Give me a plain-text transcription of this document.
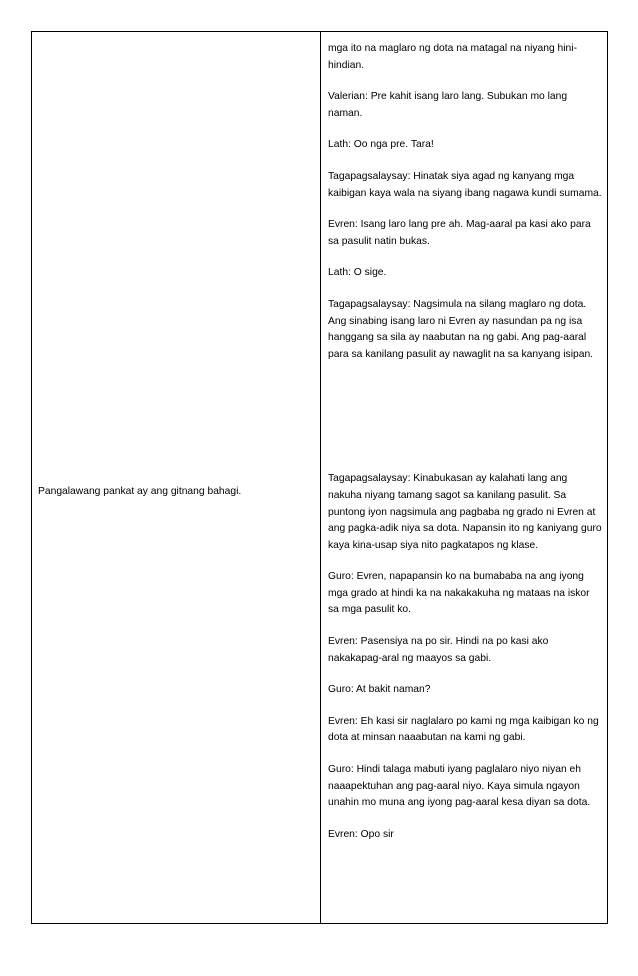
Pangalawang pankat ay ang gitnang bahagi.
mga ito na maglaro ng dota na matagal na niyang hini-hindian.
Valerian: Pre kahit isang laro lang. Subukan mo lang naman.
Lath: Oo nga pre. Tara!
Tagapagsalaysay: Hinatak siya agad ng kanyang mga kaibigan kaya wala na siyang ibang nagawa kundi sumama.
Evren: Isang laro lang pre ah. Mag-aaral pa kasi ako para sa pasulit natin bukas.
Lath: O sige.
Tagapagsalaysay: Nagsimula na silang maglaro ng dota. Ang sinabing isang laro ni Evren ay nasundan pa ng isa hanggang sa sila ay naabutan na ng gabi. Ang pag-aaral para sa kanilang pasulit ay nawaglit na sa kanyang isipan.
Tagapagsalaysay: Kinabukasan ay kalahati lang ang nakuha niyang tamang sagot sa kanilang pasulit. Sa puntong iyon nagsimula ang pagbaba ng grado ni Evren at ang pagka-adik niya sa dota. Napansin ito ng kaniyang guro kaya kina-usap siya nito pagkatapos ng klase.
Guro: Evren, napapansin ko na bumababa na ang iyong mga grado at hindi ka na nakakakuha ng mataas na iskor sa mga pasulit ko.
Evren: Pasensiya na po sir. Hindi na po kasi ako nakakapag-aral ng maayos sa gabi.
Guro: At bakit naman?
Evren: Eh kasi sir naglalaro po kami ng mga kaibigan ko ng dota at minsan naaabutan na kami ng gabi.
Guro: Hindi talaga mabuti iyang paglalaro niyo niyan eh naaapektuhan ang pag-aaral niyo. Kaya simula ngayon unahin mo muna ang iyong pag-aaral kesa diyan sa dota.
Evren: Opo sir
